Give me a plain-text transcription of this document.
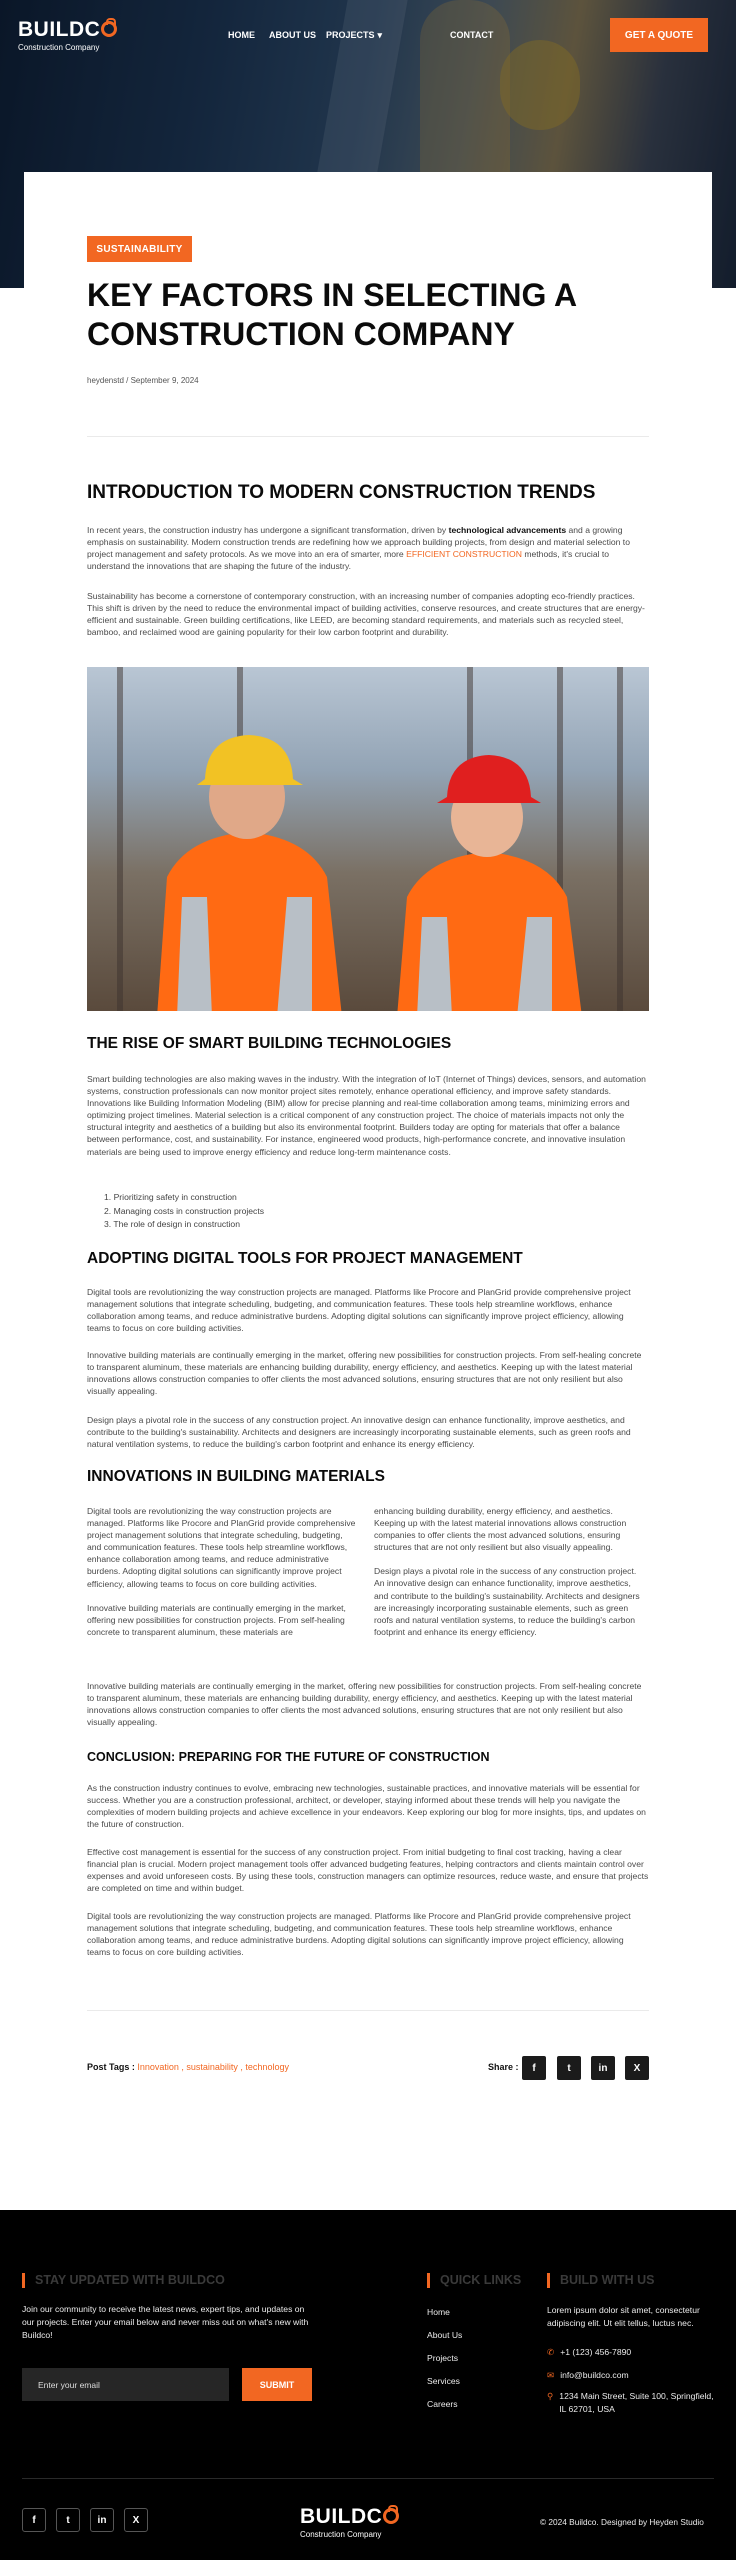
BUILDC
Construction Company
HOME ABOUT US PROJECTS ▾	CONTACT	GET A QUOTE
SUSTAINABILITY
KEY FACTORS IN SELECTING A CONSTRUCTION COMPANY
heydenstd / September 9, 2024
INTRODUCTION TO MODERN CONSTRUCTION TRENDS
In recent years, the construction industry has undergone a significant transformation, driven by technological advancements and a growing emphasis on sustainability. Modern construction trends are redefining how we approach building projects, from design and material selection to project management and safety protocols. As we move into an era of smarter, more EFFICIENT CONSTRUCTION methods, it's crucial to understand the innovations that are shaping the future of the industry.
Sustainability has become a cornerstone of contemporary construction, with an increasing number of companies adopting eco-friendly practices. This shift is driven by the need to reduce the environmental impact of building activities, conserve resources, and create structures that are energy-efficient and sustainable. Green building certifications, like LEED, are becoming standard requirements, and materials such as recycled steel, bamboo, and reclaimed wood are gaining popularity for their low carbon footprint and durability.
THE RISE OF SMART BUILDING TECHNOLOGIES
Smart building technologies are also making waves in the industry. With the integration of IoT (Internet of Things) devices, sensors, and automation systems, construction professionals can now monitor project sites remotely, enhance operational efficiency, and improve safety standards. Innovations like Building Information Modeling (BIM) allow for precise planning and real-time collaboration among teams, minimizing errors and optimizing project timelines. Material selection is a critical component of any construction project. The choice of materials impacts not only the structural integrity and aesthetics of a building but also its environmental footprint. Builders today are opting for materials that offer a balance between performance, cost, and sustainability. For instance, engineered wood products, high-performance concrete, and innovative insulation materials are being used to improve energy efficiency and reduce long-term maintenance costs.
1. Prioritizing safety in construction
2. Managing costs in construction projects
3. The role of design in construction
ADOPTING DIGITAL TOOLS FOR PROJECT MANAGEMENT
Digital tools are revolutionizing the way construction projects are managed. Platforms like Procore and PlanGrid provide comprehensive project management solutions that integrate scheduling, budgeting, and communication features. These tools help streamline workflows, enhance collaboration among teams, and reduce administrative burdens. Adopting digital solutions can significantly improve project efficiency, allowing teams to focus on core building activities.
Innovative building materials are continually emerging in the market, offering new possibilities for construction projects. From self-healing concrete to transparent aluminum, these materials are enhancing building durability, energy efficiency, and aesthetics. Keeping up with the latest material innovations allows construction companies to offer clients the most advanced solutions, ensuring structures that are not only resilient but also visually appealing.
Design plays a pivotal role in the success of any construction project. An innovative design can enhance functionality, improve aesthetics, and contribute to the building's sustainability. Architects and designers are increasingly incorporating sustainable elements, such as green roofs and natural ventilation systems, to reduce the building's carbon footprint and enhance its energy efficiency.
INNOVATIONS IN BUILDING MATERIALS
Digital tools are revolutionizing the way construction projects are managed. Platforms like Procore and PlanGrid provide comprehensive project management solutions that integrate scheduling, budgeting, and communication features. These tools help streamline workflows, enhance collaboration among teams, and reduce administrative burdens. Adopting digital solutions can significantly improve project efficiency, allowing teams to focus on core building activities.
Innovative building materials are continually emerging in the market, offering new possibilities for construction projects. From self-healing concrete to transparent aluminum, these materials are
enhancing building durability, energy efficiency, and aesthetics. Keeping up with the latest material innovations allows construction companies to offer clients the most advanced solutions, ensuring structures that are not only resilient but also visually appealing.
Design plays a pivotal role in the success of any construction project. An innovative design can enhance functionality, improve aesthetics, and contribute to the building's sustainability. Architects and designers are increasingly incorporating sustainable elements, such as green roofs and natural ventilation systems, to reduce the building's carbon footprint and enhance its energy efficiency.
Innovative building materials are continually emerging in the market, offering new possibilities for construction projects. From self-healing concrete to transparent aluminum, these materials are enhancing building durability, energy efficiency, and aesthetics. Keeping up with the latest material innovations allows construction companies to offer clients the most advanced solutions, ensuring structures that are not only resilient but also visually appealing.
CONCLUSION: PREPARING FOR THE FUTURE OF CONSTRUCTION
As the construction industry continues to evolve, embracing new technologies, sustainable practices, and innovative materials will be essential for success. Whether you are a construction professional, architect, or developer, staying informed about these trends will help you navigate the complexities of modern building projects and achieve excellence in your endeavors. Keep exploring our blog for more insights, tips, and updates on the future of construction.
Effective cost management is essential for the success of any construction project. From initial budgeting to final cost tracking, having a clear financial plan is crucial. Modern project management tools offer advanced budgeting features, helping contractors and clients maintain control over expenses and avoid unforeseen costs. By using these tools, construction managers can optimize resources, reduce waste, and ensure that projects are completed on time and within budget.
Digital tools are revolutionizing the way construction projects are managed. Platforms like Procore and PlanGrid provide comprehensive project management solutions that integrate scheduling, budgeting, and communication features. These tools help streamline workflows, enhance collaboration among teams, and reduce administrative burdens. Adopting digital solutions can significantly improve project efficiency, allowing teams to focus on core building activities.
Post Tags : Innovation , sustainability , technology	Share : f	t	in	X
STAY UPDATED WITH BUILDCO
Join our community to receive the latest news, expert tips, and updates on our projects. Enter your email below and never miss out on what's new with Buildco!
Enter your email	SUBMIT
QUICK LINKS
Home
About Us
Projects
Services
Careers
BUILD WITH US
Lorem ipsum dolor sit amet, consectetur adipiscing elit. Ut elit tellus, luctus nec.
✆ +1 (123) 456-7890
✉ info@buildco.com
⚲ 1234 Main Street, Suite 100, Springfield, IL 62701, USA
f	t	in	X	BUILDC
Construction Company
© 2024 Buildco. Designed by Heyden Studio
